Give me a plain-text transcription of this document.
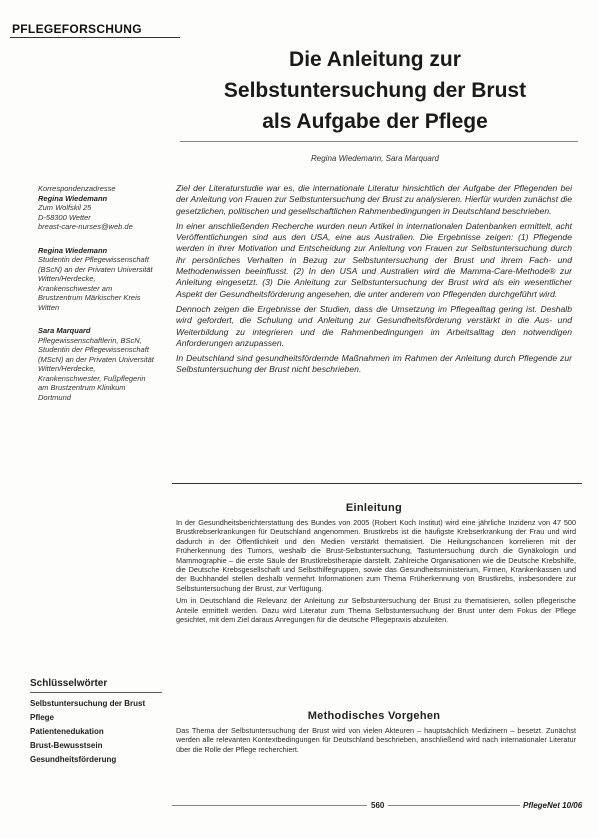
PFLEGEFORSCHUNG
Die Anleitung zur
Selbstuntersuchung der Brust
als Aufgabe der Pflege
Regina Wiedemann, Sara Marquard
Korrespondenzadresse
Regina Wiedemann
Zum Wolfskil 25
D-58300 Wetter
breast-care-nurses@web.de
Regina Wiedemann
Studentin der Pflegewissenschaft (BScN) an der Privaten Universität Witten/Herdecke, Krankenschwester am Brustzentrum Märkischer Kreis Witten
Sara Marquard
Pflegewissenschaftlerin, BScN, Studentin der Pflegewissenschaft (MScN) an der Privaten Universität Witten/Herdecke, Krankenschwester, Fußpflegerin am Brustzentrum Klinikum Dortmund

Ziel der Literaturstudie war es, die internationale Literatur hinsichtlich der Aufgabe der Pflegenden bei der Anleitung von Frauen zur Selbstuntersuchung der Brust zu analysieren. Hierfür wurden zunächst die gesetzlichen, politischen und gesellschaftlichen Rahmenbedingungen in Deutschland beschrieben.

In einer anschließenden Recherche wurden neun Artikel in internationalen Datenbanken ermittelt, acht Veröffentlichungen sind aus den USA, eine aus Australien. Die Ergebnisse zeigen: (1) Pflegende werden in ihrer Motivation und Entscheidung zur Anleitung von Frauen zur Selbstuntersuchung durch ihr persönliches Verhalten in Bezug zur Selbstuntersuchung der Brust und ihrem Fach- und Methodenwissen beeinflusst. (2) In den USA und Australien wird die Mamma-Care-Methode® zur Anleitung eingesetzt. (3) Die Anleitung zur Selbstuntersuchung der Brust wird als ein wesentlicher Aspekt der Gesundheitsförderung angesehen, die unter anderem von Pflegenden durchgeführt wird.

Dennoch zeigen die Ergebnisse der Studien, dass die Umsetzung im Pflegealltag gering ist. Deshalb wird gefordert, die Schulung und Anleitung zur Gesundheitsförderung verstärkt in die Aus- und Weiterbildung zu integrieren und die Rahmenbedingungen im Arbeitsalltag den notwendigen Anforderungen anzupassen.

In Deutschland sind gesundheitsfördernde Maßnahmen im Rahmen der Anleitung durch Pflegende zur Selbstuntersuchung der Brust nicht beschrieben.

Einleitung

In der Gesundheitsberichterstattung des Bundes von 2005 (Robert Koch Institut) wird eine jährliche Inzidenz von 47 500 Brustkrebserkrankungen für Deutschland angenommen. Brustkrebs ist die häufigste Krebserkrankung der Frau und wird dadurch in der Öffentlichkeit und den Medien verstärkt thematisiert. Die Heilungschancen korrelieren mit der Früherkennung des Tumors, weshalb die Brust-Selbstuntersuchung, Tastuntersuchung durch die Gynäkologin und Mammographie – die erste Säule der Brustkrebstherapie darstellt. Zahlreiche Organisationen wie die Deutsche Krebshilfe, die Deutsche Krebsgesellschaft und Selbsthilfegruppen, sowie das Gesundheitsministerium, Firmen, Krankenkassen und der Buchhandel stellen deshalb vermehrt Informationen zum Thema Früherkennung von Brustkrebs, insbesondere zur Selbstuntersuchung der Brust, zur Verfügung.

Um in Deutschland die Relevanz der Anleitung zur Selbstuntersuchung der Brust zu thematisieren, sollen pflegerische Anteile ermittelt werden. Dazu wird Literatur zum Thema Selbstuntersuchung der Brust unter dem Fokus der Pflege gesichtet, mit dem Ziel daraus Anregungen für die deutsche Pflegepraxis abzuleiten.

Methodisches Vorgehen
Das Thema der Selbstuntersuchung der Brust wird von vielen Akteuren – hauptsächlich Medizinern – besetzt. Zunächst werden alle relevanten Kontextbedingungen für Deutschland beschrieben, anschließend wird nach internationaler Literatur über die Rolle der Pflege recherchiert.
Schlüsselwörter
Selbstuntersuchung der Brust
Pflege
Patientenedukation
Brust-Bewusstsein
Gesundheitsförderung
560	PflegeNet 10/06
